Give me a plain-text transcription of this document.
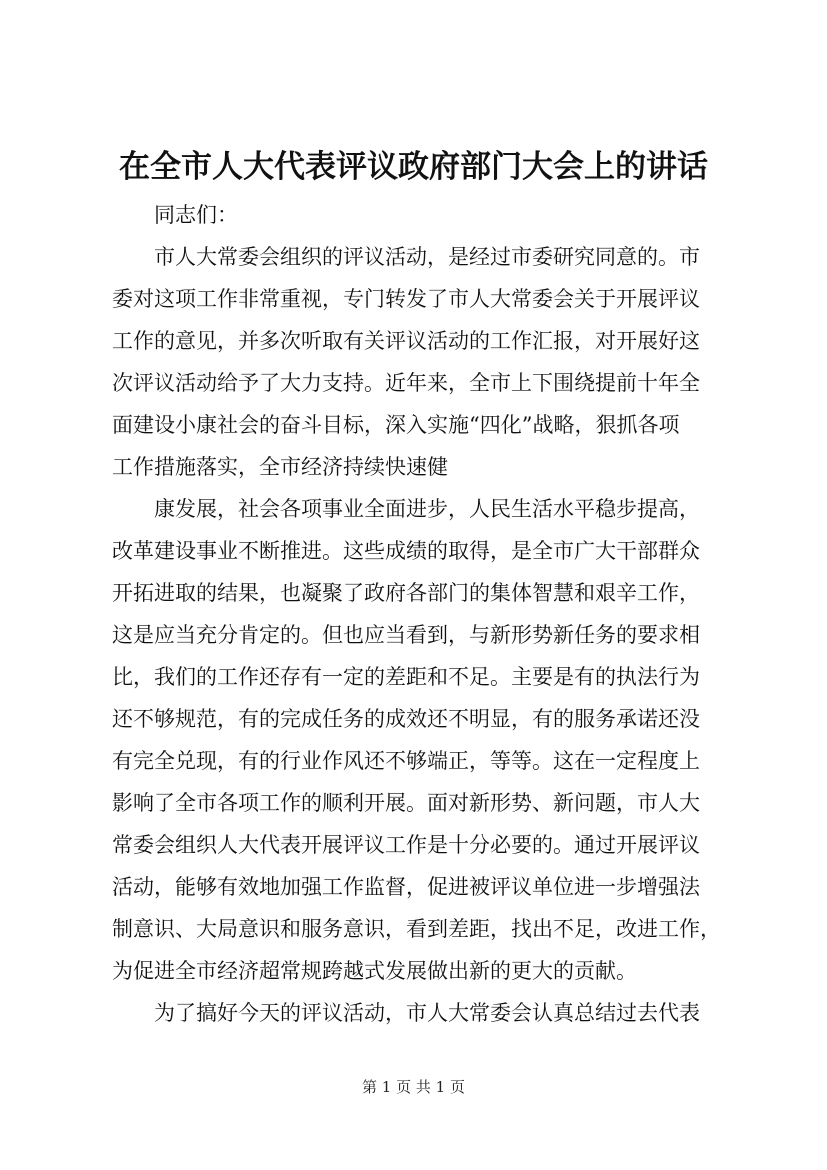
在全市人大代表评议政府部门大会上的讲话
同志们：
市人大常委会组织的评议活动，是经过市委研究同意的。市
委对这项工作非常重视，专门转发了市人大常委会关于开展评议
工作的意见，并多次听取有关评议活动的工作汇报，对开展好这
次评议活动给予了大力支持。近年来，全市上下围绕提前十年全
面建设小康社会的奋斗目标，深入实施“四化”战略，狠抓各项
工作措施落实，全市经济持续快速健
康发展，社会各项事业全面进步，人民生活水平稳步提高，
改革建设事业不断推进。这些成绩的取得，是全市广大干部群众
开拓进取的结果，也凝聚了政府各部门的集体智慧和艰辛工作，
这是应当充分肯定的。但也应当看到，与新形势新任务的要求相
比，我们的工作还存有一定的差距和不足。主要是有的执法行为
还不够规范，有的完成任务的成效还不明显，有的服务承诺还没
有完全兑现，有的行业作风还不够端正，等等。这在一定程度上
影响了全市各项工作的顺利开展。面对新形势、新问题，市人大
常委会组织人大代表开展评议工作是十分必要的。通过开展评议
活动，能够有效地加强工作监督，促进被评议单位进一步增强法
制意识、大局意识和服务意识，看到差距，找出不足，改进工作，
为促进全市经济超常规跨越式发展做出新的更大的贡献。
为了搞好今天的评议活动，市人大常委会认真总结过去代表
第 1 页 共 1 页
